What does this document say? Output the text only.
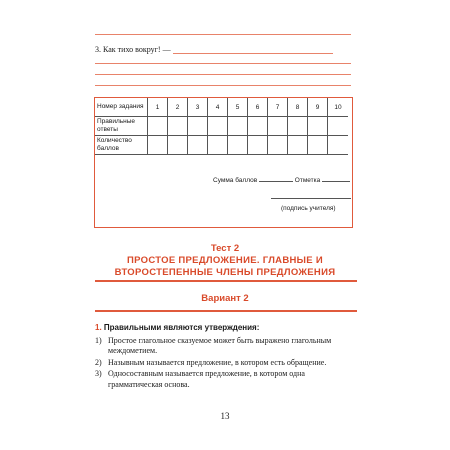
3. Как тихо вокруг! —
Номер задания	1	2	3	4	5	6	7	8	9	10
Правильные ответы										
Количество баллов										
Сумма баллов	Отметка
(подпись учителя)
Тест 2
ПРОСТОЕ ПРЕДЛОЖЕНИЕ. ГЛАВНЫЕ И ВТОРОСТЕПЕННЫЕ ЧЛЕНЫ ПРЕДЛОЖЕНИЯ
Вариант 2
1. Правильными являются утверждения:
1) Простое глагольное сказуемое может быть выражено глагольным междометием.
2) Назывным называется предложение, в котором есть обращение.
3) Односоставным называется предложение, в котором одна грамматическая основа.
13
